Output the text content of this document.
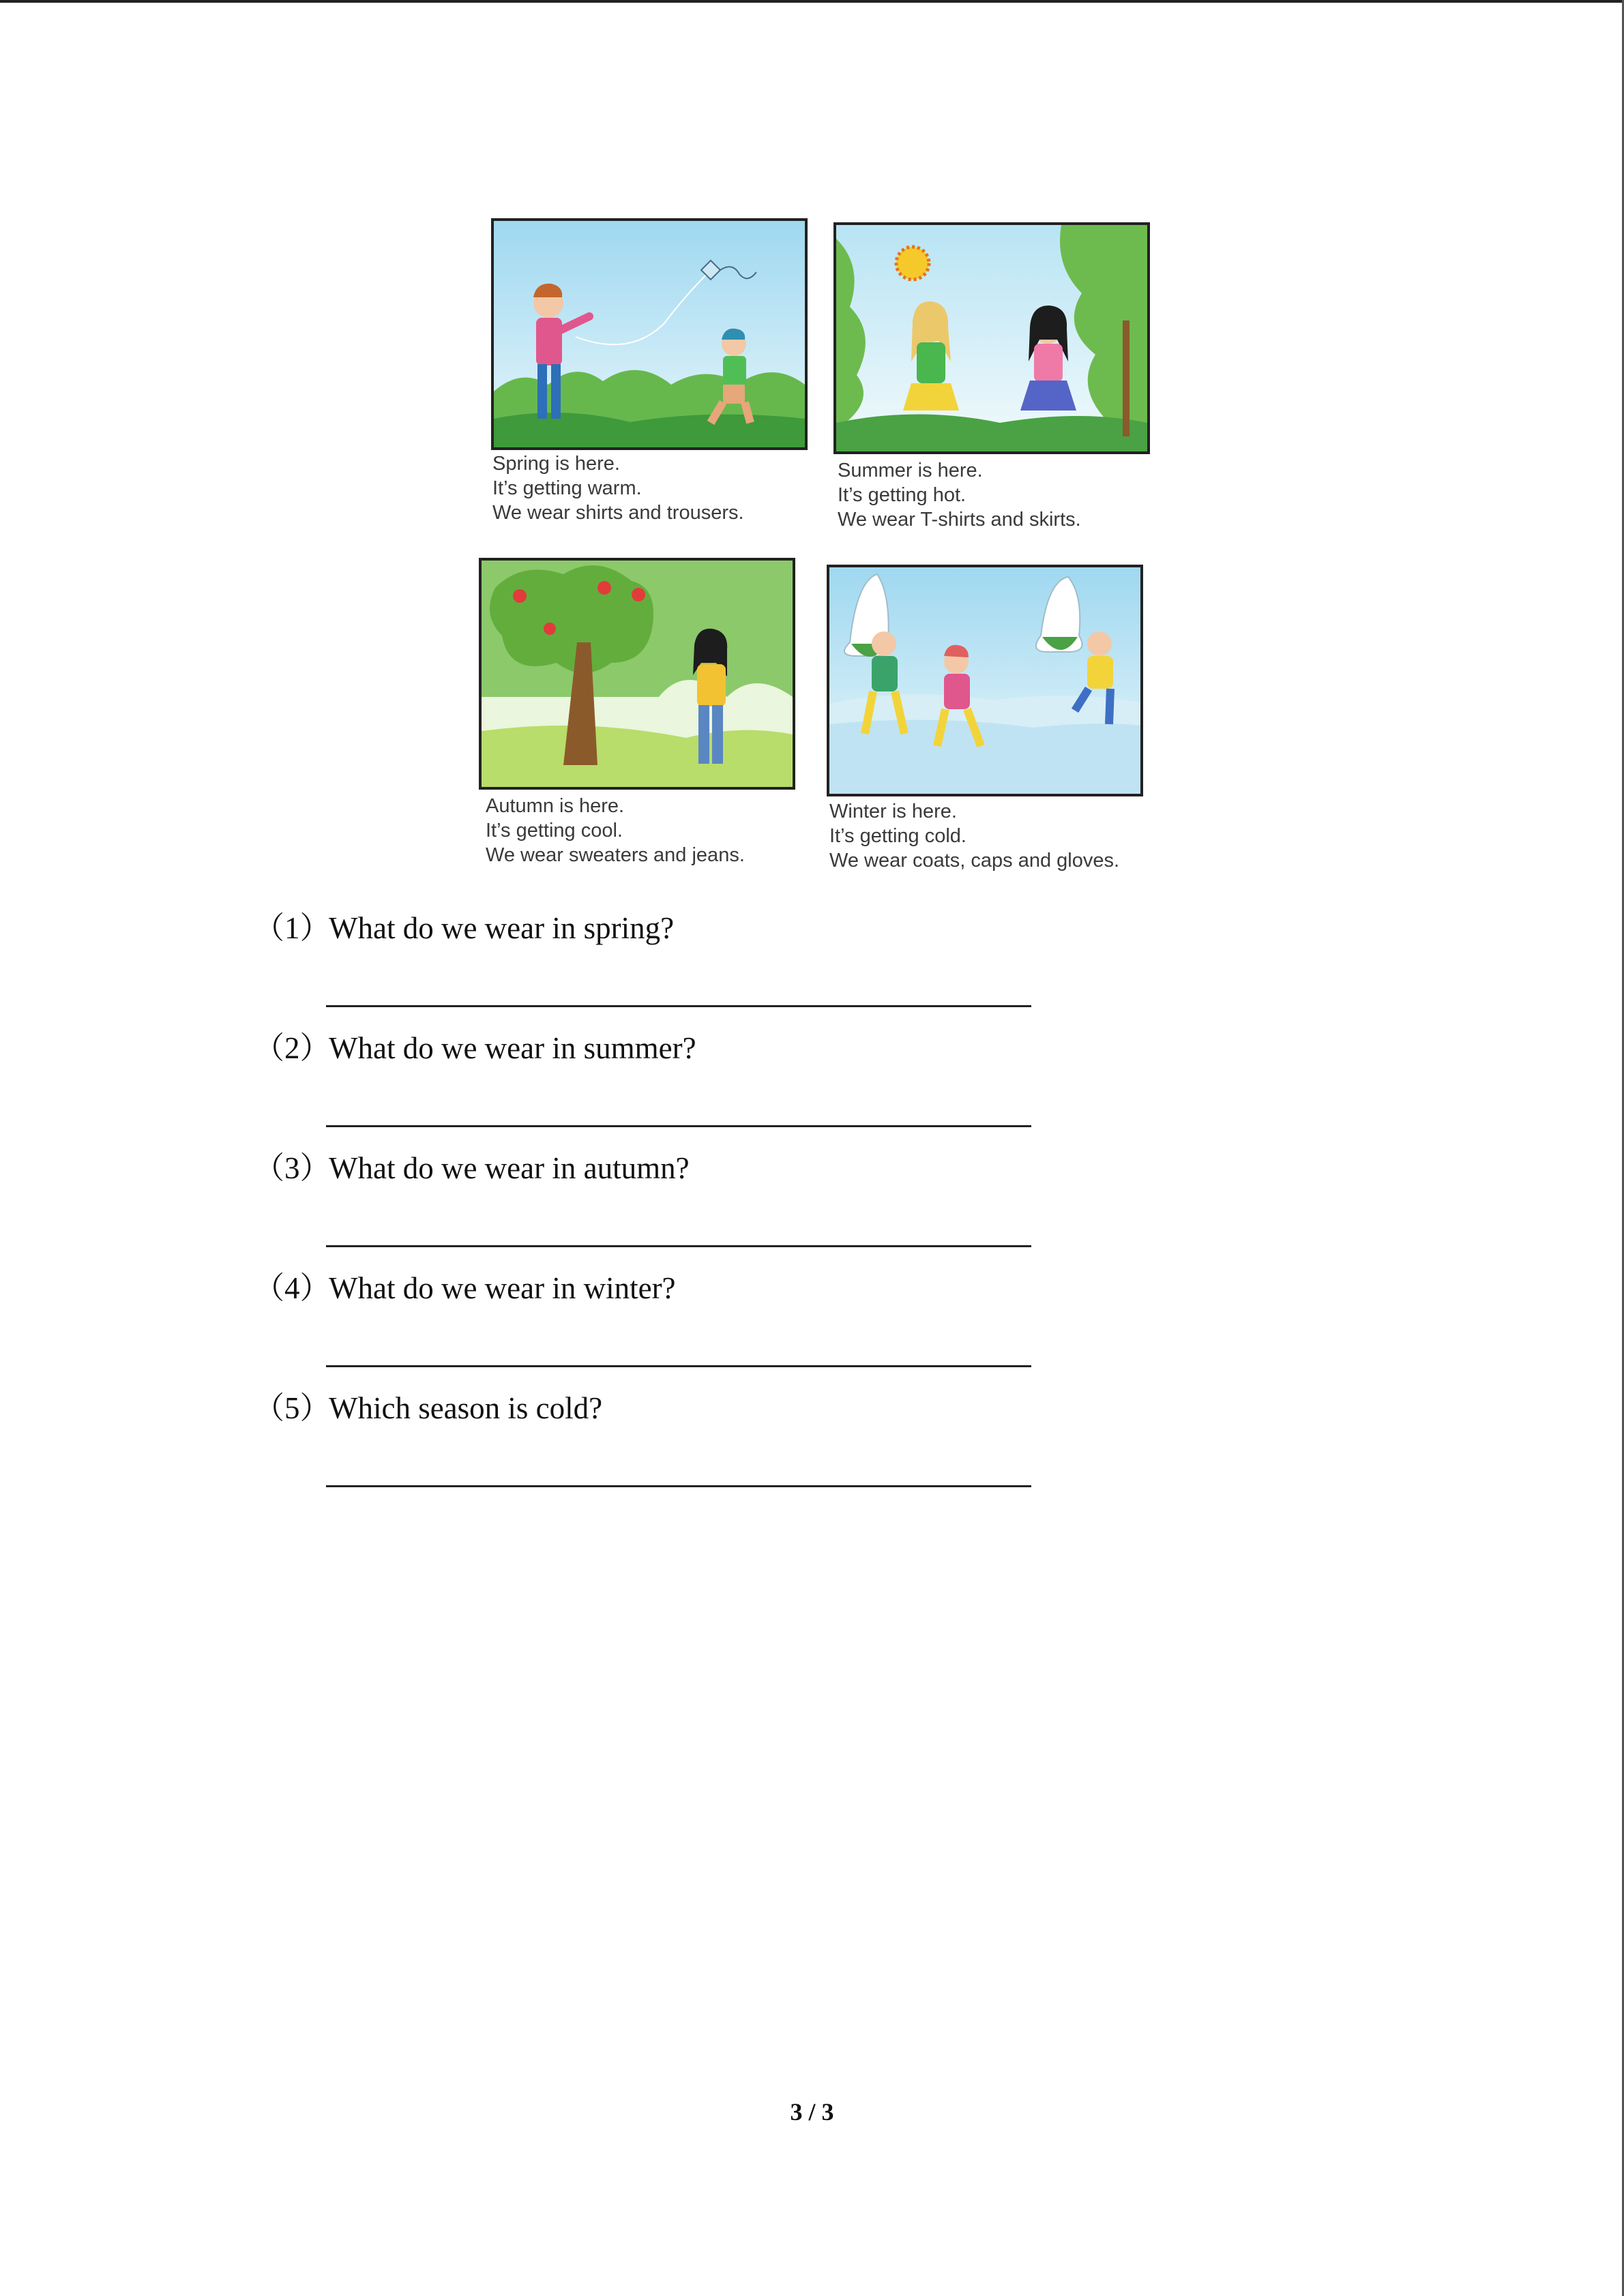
Spring is here.
It’s getting warm.
We wear shirts and trousers.
Summer is here.
It’s getting hot.
We wear T-shirts and skirts.
Autumn is here.
It’s getting cool.
We wear sweaters and jeans.
Winter is here.
It’s getting cold.
We wear coats, caps and gloves.
（1）What do we wear in spring?
（2）What do we wear in summer?
（3）What do we wear in autumn?
（4）What do we wear in winter?
（5）Which season is cold?
3 / 3
